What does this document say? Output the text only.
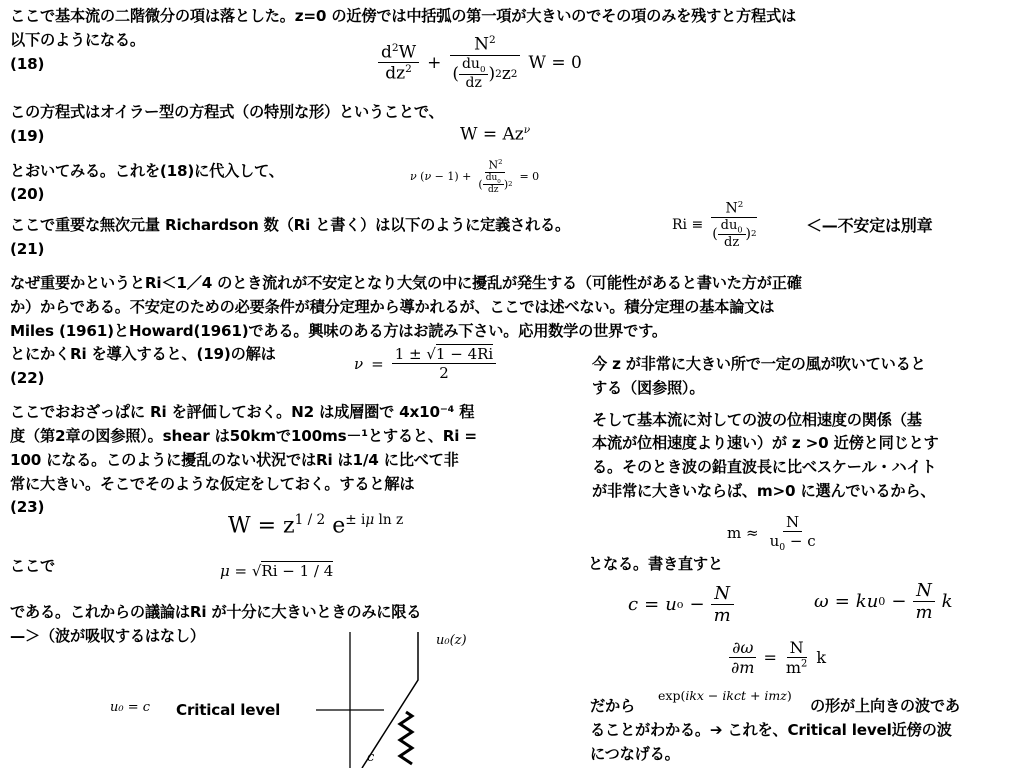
ここで基本流の二階微分の項は落とした。z=0 の近傍では中括弧の第一項が大きいのでその項のみを残すと方程式は
以下のようになる。
(18)	$\frac{d^2W}{dz^2} + \frac{N^2}{( \frac{du_0}{dz} ) 2 z 2}$ W = 0
この方程式はオイラー型の方程式（の特別な形）ということで、
(19)	$W = Az^\nu$
とおいてみる。これを(18)に代入して、
(20)
ν $(\nu - 1) + \frac{N^2}{( \frac{du_0}{dz} ) 2} = 0$
ここで重要な無次元量 Richardson 数（Ri と書く）は以下のように定義される。
(21)
$Ri \equiv \frac{N^2}{( \frac{du_0}{dz} ) 2}$	＜—不安定は別章
なぜ重要かというとRi＜1／4 のとき流れが不安定となり大気の中に擾乱が発生する（可能性があると書いた方が正確
か）からである。不安定のための必要条件が積分定理から導かれるが、ここでは述べない。積分定理の基本論文は
Miles (1961)とHoward(1961)である。興味のある方はお読み下さい。応用数学の世界です。
とにかくRi を導入すると、(19)の解は
(22)
$\nu = \frac{1 \pm √1 - 4Ri}{2}$
ここでおおざっぱに Ri を評価しておく。N2 は成層圏で 4x10⁻⁴ 程
度（第2章の図参照）。shear は50kmで100ms－¹とすると、Ri =
100 になる。このように擾乱のない状況ではRi は1/4 に比べて非
常に大きい。そこでそのような仮定をしておく。すると解は
(23)
$W = z^{1 / 2}$ $e^{\pm i\mu ln z}$
ここで	μ = √Ri − 1 / 4
である。これからの議論はRi が十分に大きいときのみに限る
—＞（波が吸収するはなし）	u₀(z)
u₀ = c Critical level
c
今 z が非常に大きい所で一定の風が吹いていると
する（図参照）。
そして基本流に対しての波の位相速度の関係（基
本流が位相速度より速い）が z >0 近傍と同じとす
る。そのとき波の鉛直波長に比べスケール・ハイト
が非常に大きいならば、m>0 に選んでいるから、
$m \approx \frac{N}{u_0 - c}$
となる。書き直すと
c = u $o - \frac{N}{m}$	ω = ku $0 - \frac{N}{m}$ k
$\frac{\partial\omega}{\partial m} = \frac{N}{m^2}$ k
だから
exp(ikx − ikct + imz)
の形が上向きの波であ
ることがわかる。➔ これを、Critical level近傍の波
につなげる。
